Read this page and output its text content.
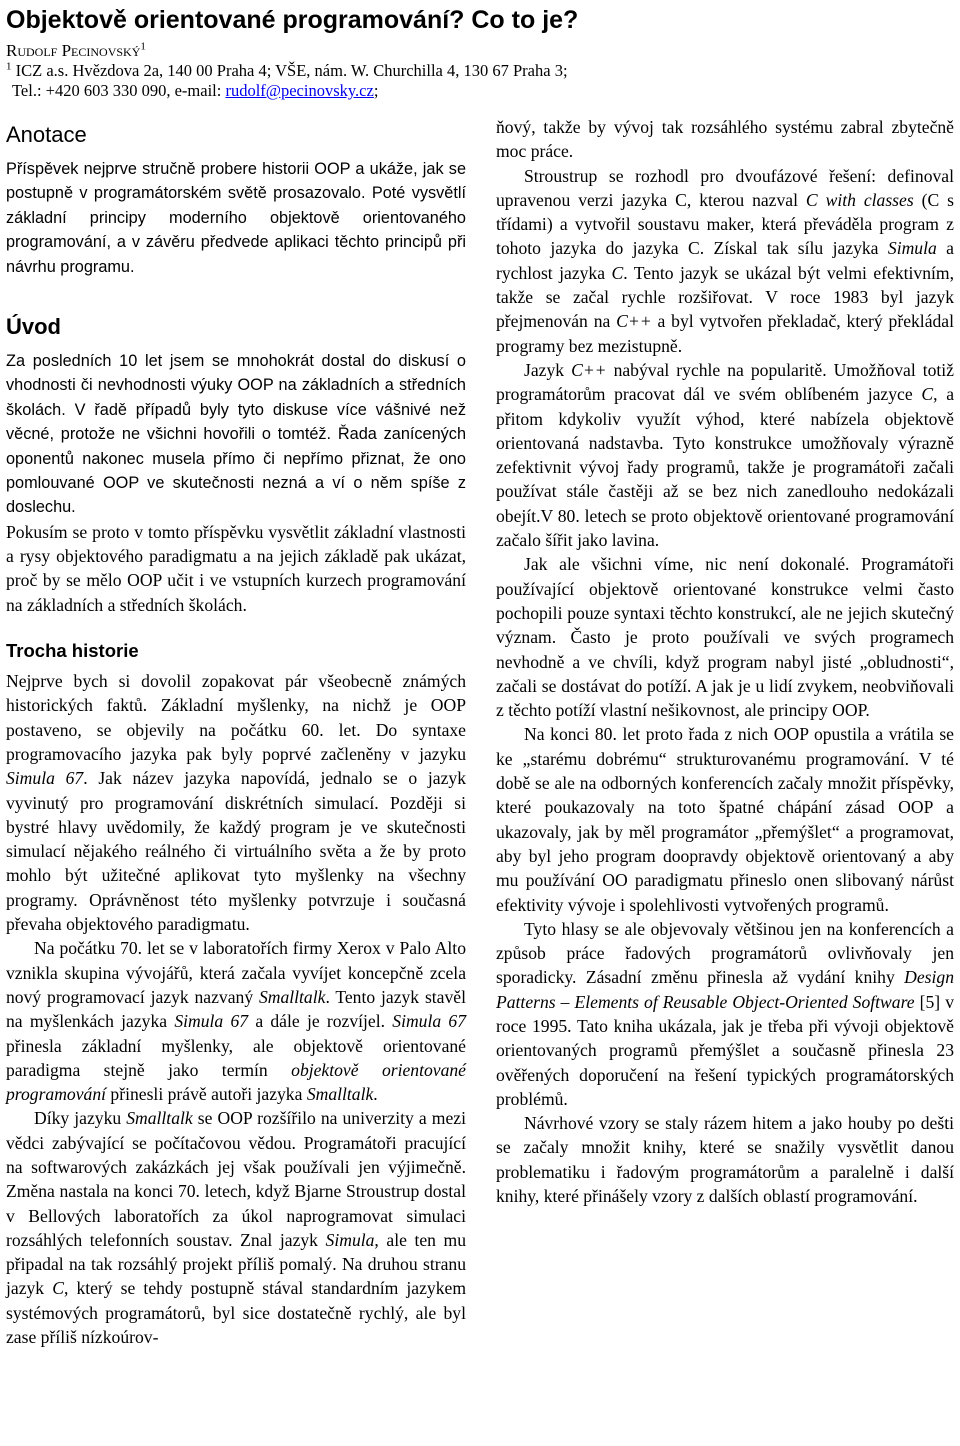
Objektově orientované programování? Co to je?
Rudolf Pecinovský$^1$
$^1$ ICZ a.s. Hvězdova 2a, 140 00 Praha 4; VŠE, nám. W. Churchilla 4, 130 67 Praha 3;
Tel.: +420 603 330 090, e-mail: rudolf@pecinovsky.cz;
Anotace

Příspěvek nejprve stručně probere historii OOP a ukáže, jak se postupně v programátorském světě prosazovalo. Poté vysvětlí základní principy moderního objektově orientovaného programování, a v závěru předvede aplikaci těchto principů při návrhu programu.

Úvod

Za posledních 10 let jsem se mnohokrát dostal do diskusí o vhodnosti či nevhodnosti výuky OOP na základních a středních školách. V řadě případů byly tyto diskuse více vášnivé než věcné, protože ne všichni hovořili o tomtéž. Řada zanícených oponentů nakonec musela přímo či nepřímo přiznat, že ono pomlouvané OOP ve skutečnosti nezná a ví o něm spíše z doslechu.

Pokusím se proto v tomto příspěvku vysvětlit základní vlastnosti a rysy objektového paradigmatu a na jejich základě pak ukázat, proč by se mělo OOP učit i ve vstupních kurzech programování na základních a středních školách.

Trocha historie

Nejprve bych si dovolil zopakovat pár všeobecně známých historických faktů. Základní myšlenky, na nichž je OOP postaveno, se objevily na počátku 60. let. Do syntaxe programovacího jazyka pak byly poprvé začleněny v jazyku Simula 67. Jak název jazyka napovídá, jednalo se o jazyk vyvinutý pro programování diskrétních simulací. Později si bystré hlavy uvědomily, že každý program je ve skutečnosti simulací nějakého reálného či virtuálního světa a že by proto mohlo být užitečné aplikovat tyto myšlenky na všechny programy. Oprávněnost této myšlenky potvrzuje i současná převaha objektového paradigmatu.

Na počátku 70. let se v laboratořích firmy Xerox v Palo Alto vznikla skupina vývojářů, která začala vyvíjet koncepčně zcela nový programovací jazyk nazvaný Smalltalk. Tento jazyk stavěl na myšlenkách jazyka Simula 67 a dále je rozvíjel. Simula 67 přinesla základní myšlenky, ale objektově orientované paradigma stejně jako termín objektově orientované programování přinesli právě autoři jazyka Smalltalk.

Díky jazyku Smalltalk se OOP rozšířilo na univerzity a mezi vědci zabývající se počítačovou vědou. Programátoři pracující na softwarových zakázkách jej však používali jen výjimečně. Změna nastala na konci 70. letech, když Bjarne Stroustrup dostal v Bellových laboratořích za úkol naprogramovat simulaci rozsáhlých telefonních soustav. Znal jazyk Simula, ale ten mu připadal na tak rozsáhlý projekt příliš pomalý. Na druhou stranu jazyk C, který se tehdy postupně stával standardním jazykem systémových programátorů, byl sice dostatečně rychlý, ale byl zase příliš nízkoúrov-

ňový, takže by vývoj tak rozsáhlého systému zabral zbytečně moc práce.

Stroustrup se rozhodl pro dvoufázové řešení: definoval upravenou verzi jazyka C, kterou nazval C with classes (C s třídami) a vytvořil soustavu maker, která převáděla program z tohoto jazyka do jazyka C. Získal tak sílu jazyka Simula a rychlost jazyka C. Tento jazyk se ukázal být velmi efektivním, takže se začal rychle rozšiřovat. V roce 1983 byl jazyk přejmenován na C++ a byl vytvořen překladač, který překládal programy bez mezistupně.

Jazyk C++ nabýval rychle na popularitě. Umožňoval totiž programátorům pracovat dál ve svém oblíbeném jazyce C, a přitom kdykoliv využít výhod, které nabízela objektově orientovaná nadstavba. Tyto konstrukce umožňovaly výrazně zefektivnit vývoj řady programů, takže je programátoři začali používat stále častěji až se bez nich zanedlouho nedokázali obejít.V 80. letech se proto objektově orientované programování začalo šířit jako lavina.

Jak ale všichni víme, nic není dokonalé. Programátoři používající objektově orientované konstrukce velmi často pochopili pouze syntaxi těchto konstrukcí, ale ne jejich skutečný význam. Často je proto používali ve svých programech nevhodně a ve chvíli, když program nabyl jisté „obludnosti“, začali se dostávat do potíží. A jak je u lidí zvykem, neobviňovali z těchto potíží vlastní nešikovnost, ale principy OOP.

Na konci 80. let proto řada z nich OOP opustila a vrátila se ke „starému dobrému“ strukturovanému programování. V té době se ale na odborných konferencích začaly množit příspěvky, které poukazovaly na toto špatné chápání zásad OOP a ukazovaly, jak by měl programátor „přemýšlet“ a programovat, aby byl jeho program doopravdy objektově orientovaný a aby mu používání OO paradigmatu přineslo onen slibovaný nárůst efektivity vývoje i spolehlivosti vytvořených programů.

Tyto hlasy se ale objevovaly většinou jen na konferencích a způsob práce řadových programátorů ovlivňovaly jen sporadicky. Zásadní změnu přinesla až vydání knihy Design Patterns – Elements of Reusable Object-Oriented Software [5] v roce 1995. Tato kniha ukázala, jak je třeba při vývoji objektově orientovaných programů přemýšlet a současně přinesla 23 ověřených doporučení na řešení typických programátorských problémů.

Návrhové vzory se staly rázem hitem a jako houby po dešti se začaly množit knihy, které se snažily vysvětlit danou problematiku i řadovým programátorům a paralelně i další knihy, které přinášely vzory z dalších oblastí programování.
